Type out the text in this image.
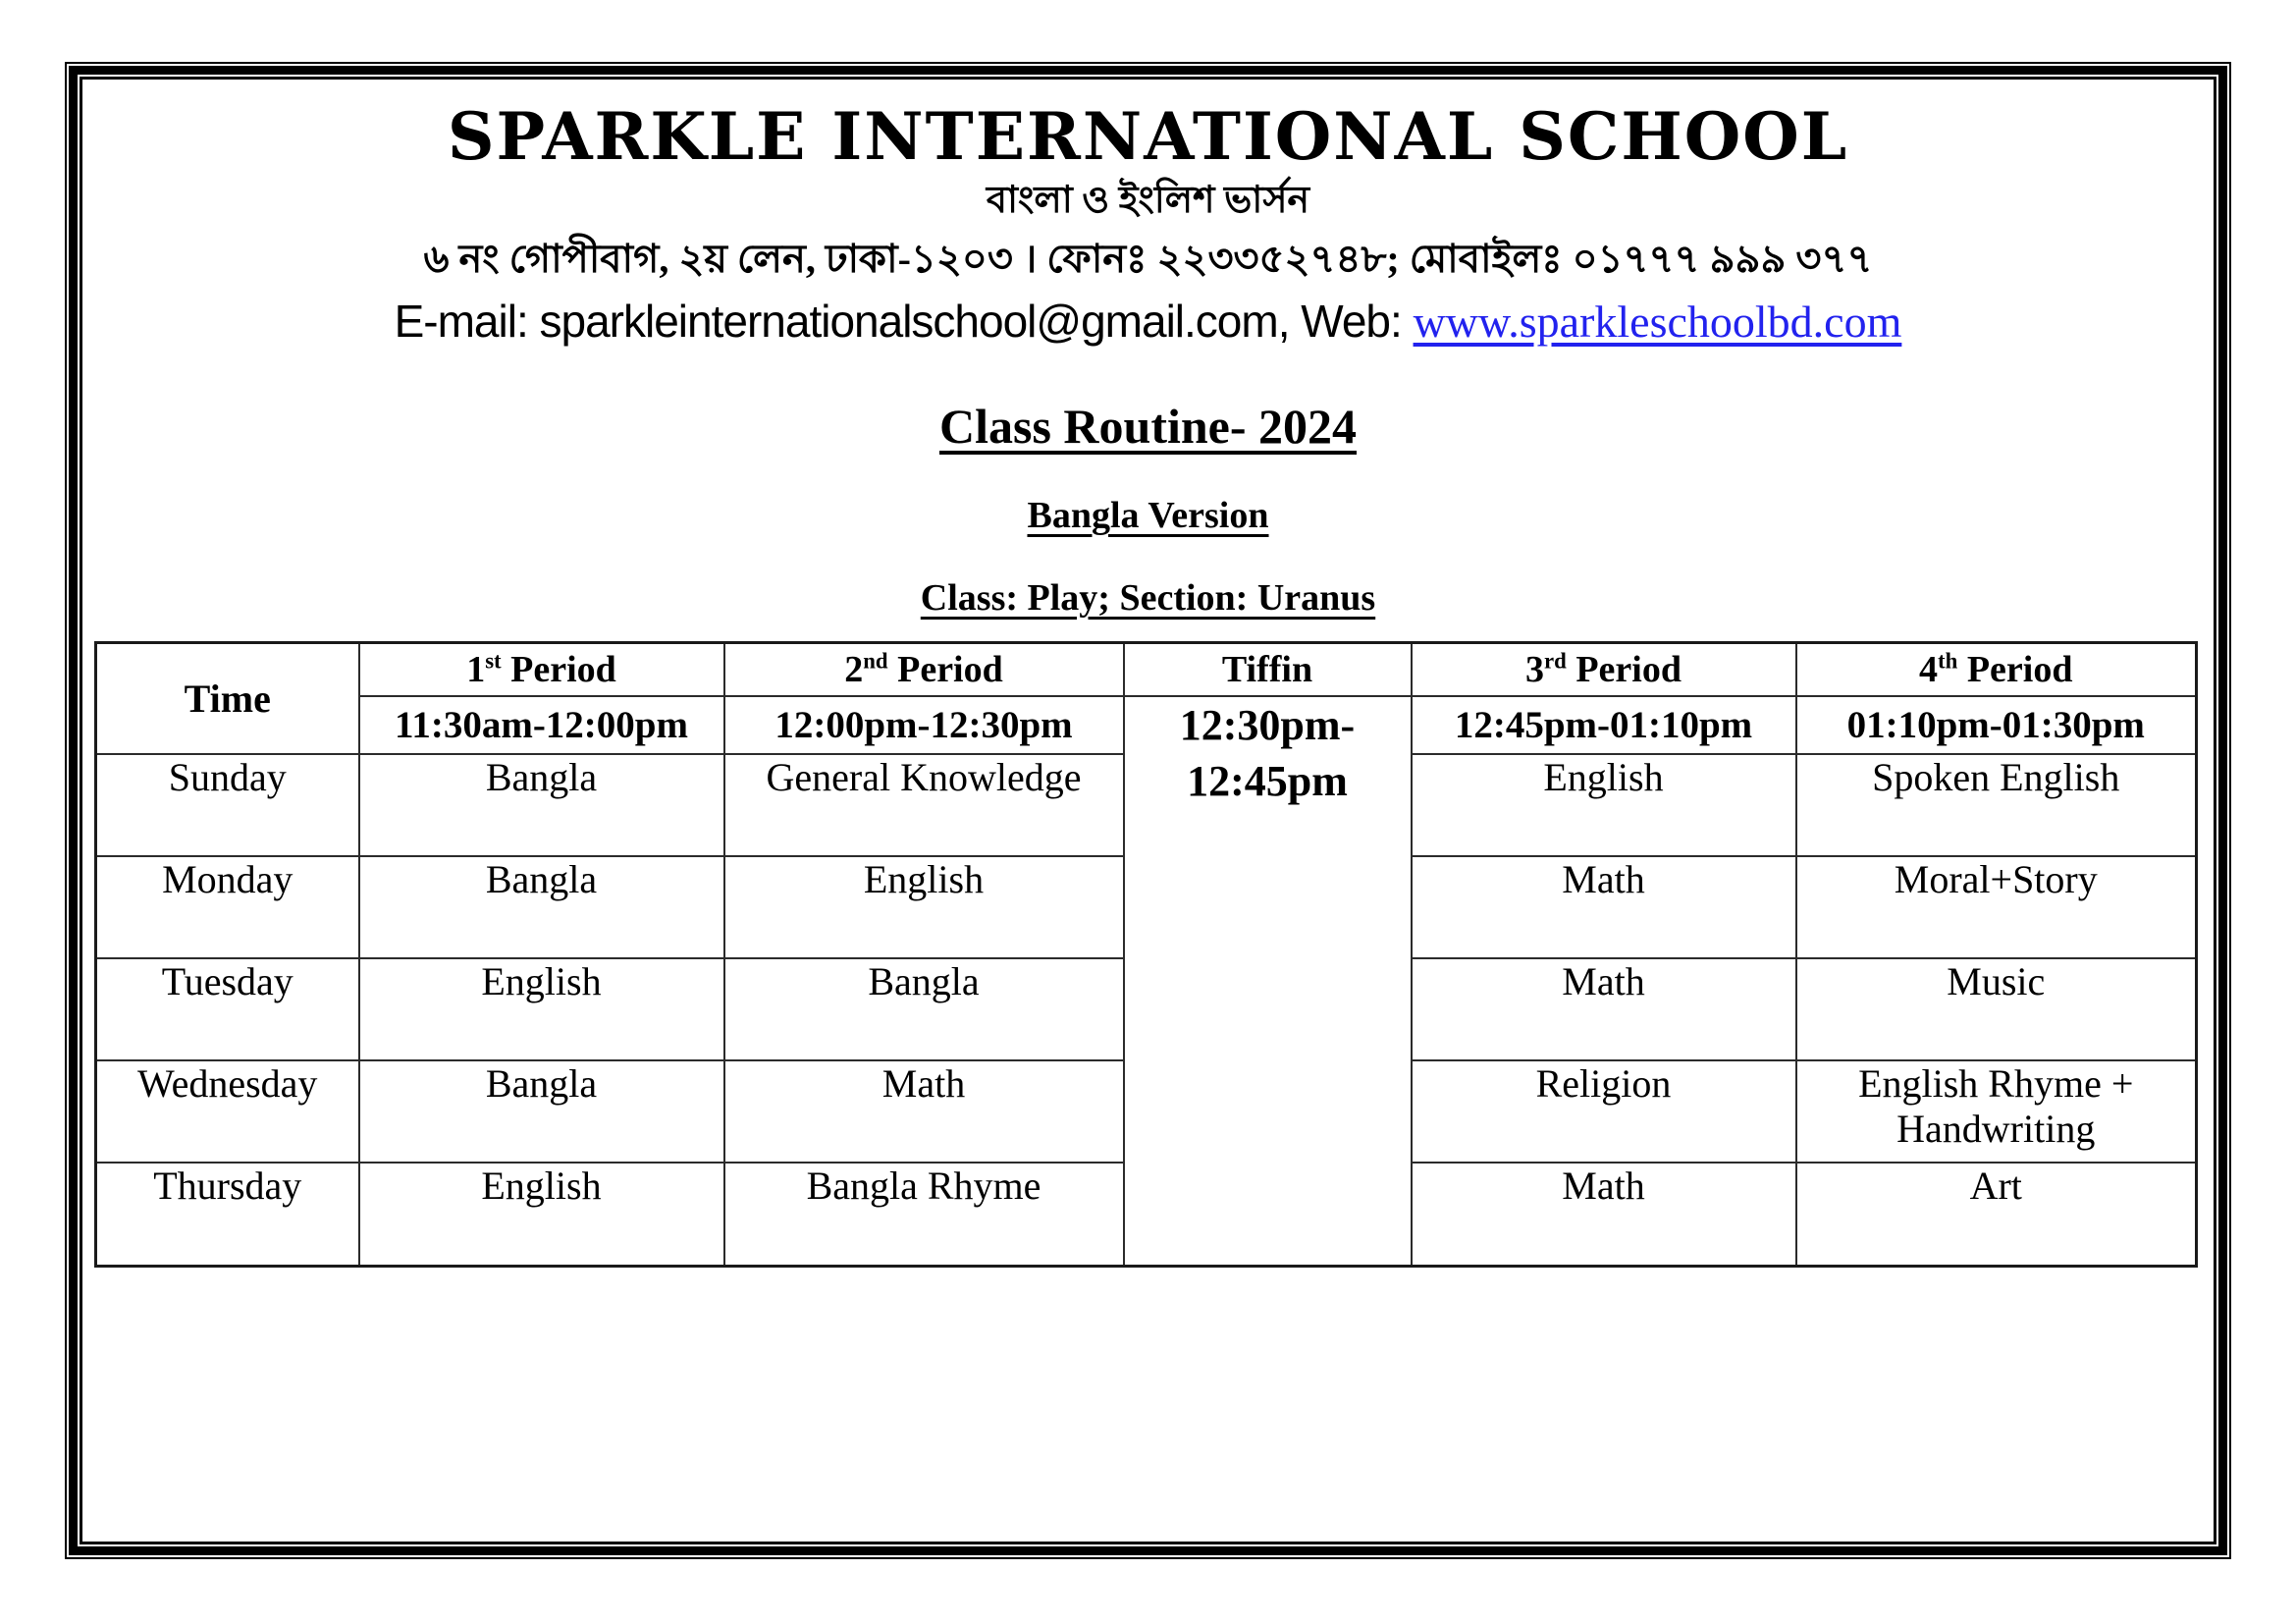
SPARKLE INTERNATIONAL SCHOOL
বাংলা ও ইংলিশ ভার্সন
৬ নং গোপীবাগ, ২য় লেন, ঢাকা-১২০৩ । ফোনঃ ২২৩৩৫২৭৪৮; মোবাইলঃ ০১৭৭৭ ৯৯৯ ৩৭৭
E-mail: sparkleinternationalschool@gmail.com, Web: www.sparkleschoolbd.com
Class Routine- 2024
Bangla Version
Class: Play; Section: Uranus
Time	1st Period	2nd Period	Tiffin	3rd Period	4th Period
	11:30am-12:00pm	12:00pm-12:30pm	12:30pm-12:45pm	12:45pm-01:10pm	01:10pm-01:30pm
Sunday	Bangla	General Knowledge		English	Spoken English
Monday	Bangla	English		Math	Moral+Story
Tuesday	English	Bangla		Math	Music
Wednesday	Bangla	Math		Religion	English Rhyme + Handwriting
Thursday	English	Bangla Rhyme		Math	Art
